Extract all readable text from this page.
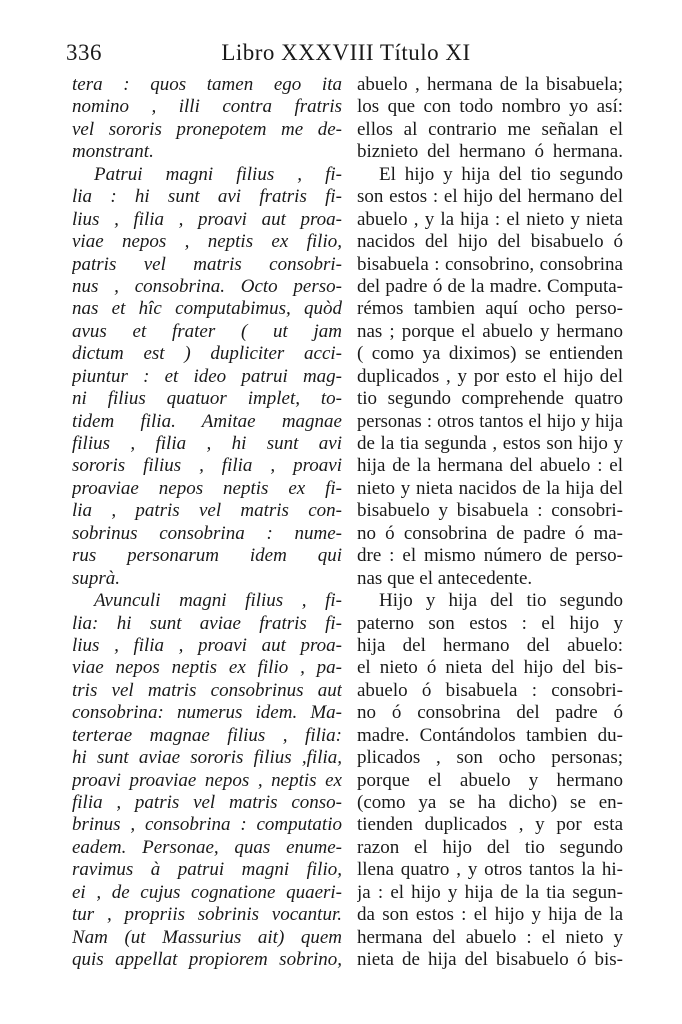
336	Libro XXXVIII Título XI
tera : quos tamen ego ita
nomino , illi contra fratris
vel sororis pronepotem me de-
monstrant.
Patrui magni filius , fi-
lia : hi sunt avi fratris fi-
lius , filia , proavi aut proa-
viae nepos , neptis ex filio,
patris vel matris consobri-
nus , consobrina. Octo perso-
nas et hîc computabimus, quòd
avus et frater ( ut jam
dictum est ) dupliciter acci-
piuntur : et ideo patrui mag-
ni filius quatuor implet, to-
tidem filia. Amitae magnae
filius , filia , hi sunt avi
sororis filius , filia , proavi
proaviae nepos neptis ex fi-
lia , patris vel matris con-
sobrinus consobrina : nume-
rus personarum idem qui
suprà.
Avunculi magni filius , fi-
lia: hi sunt aviae fratris fi-
lius , filia , proavi aut proa-
viae nepos neptis ex filio , pa-
tris vel matris consobrinus aut
consobrina: numerus idem. Ma-
terterae magnae filius , filia:
hi sunt aviae sororis filius ,filia,
proavi proaviae nepos , neptis ex
filia , patris vel matris conso-
brinus , consobrina : computatio
eadem. Personae, quas enume-
ravimus à patrui magni filio,
ei , de cujus cognatione quaeri-
tur , propriis sobrinis vocantur.
Nam (ut Massurius ait) quem
quis appellat propiorem sobrino,
abuelo , hermana de la bisabuela;
los que con todo nombro yo así:
ellos al contrario me señalan el
biznieto del hermano ó hermana.
El hijo y hija del tio segundo
son estos : el hijo del hermano del
abuelo , y la hija : el nieto y nieta
nacidos del hijo del bisabuelo ó
bisabuela : consobrino, consobrina
del padre ó de la madre. Computa-
rémos tambien aquí ocho perso-
nas ; porque el abuelo y hermano
( como ya diximos) se entienden
duplicados , y por esto el hijo del
tio segundo comprehende quatro
personas : otros tantos el hijo y hija
de la tia segunda , estos son hijo y
hija de la hermana del abuelo : el
nieto y nieta nacidos de la hija del
bisabuelo y bisabuela : consobri-
no ó consobrina de padre ó ma-
dre : el mismo número de perso-
nas que el antecedente.
Hijo y hija del tio segundo
paterno son estos : el hijo y
hija del hermano del abuelo:
el nieto ó nieta del hijo del bis-
abuelo ó bisabuela : consobri-
no ó consobrina del padre ó
madre. Contándolos tambien du-
plicados , son ocho personas;
porque el abuelo y hermano
(como ya se ha dicho) se en-
tienden duplicados , y por esta
razon el hijo del tio segundo
llena quatro , y otros tantos la hi-
ja : el hijo y hija de la tia segun-
da son estos : el hijo y hija de la
hermana del abuelo : el nieto y
nieta de hija del bisabuelo ó bis-
